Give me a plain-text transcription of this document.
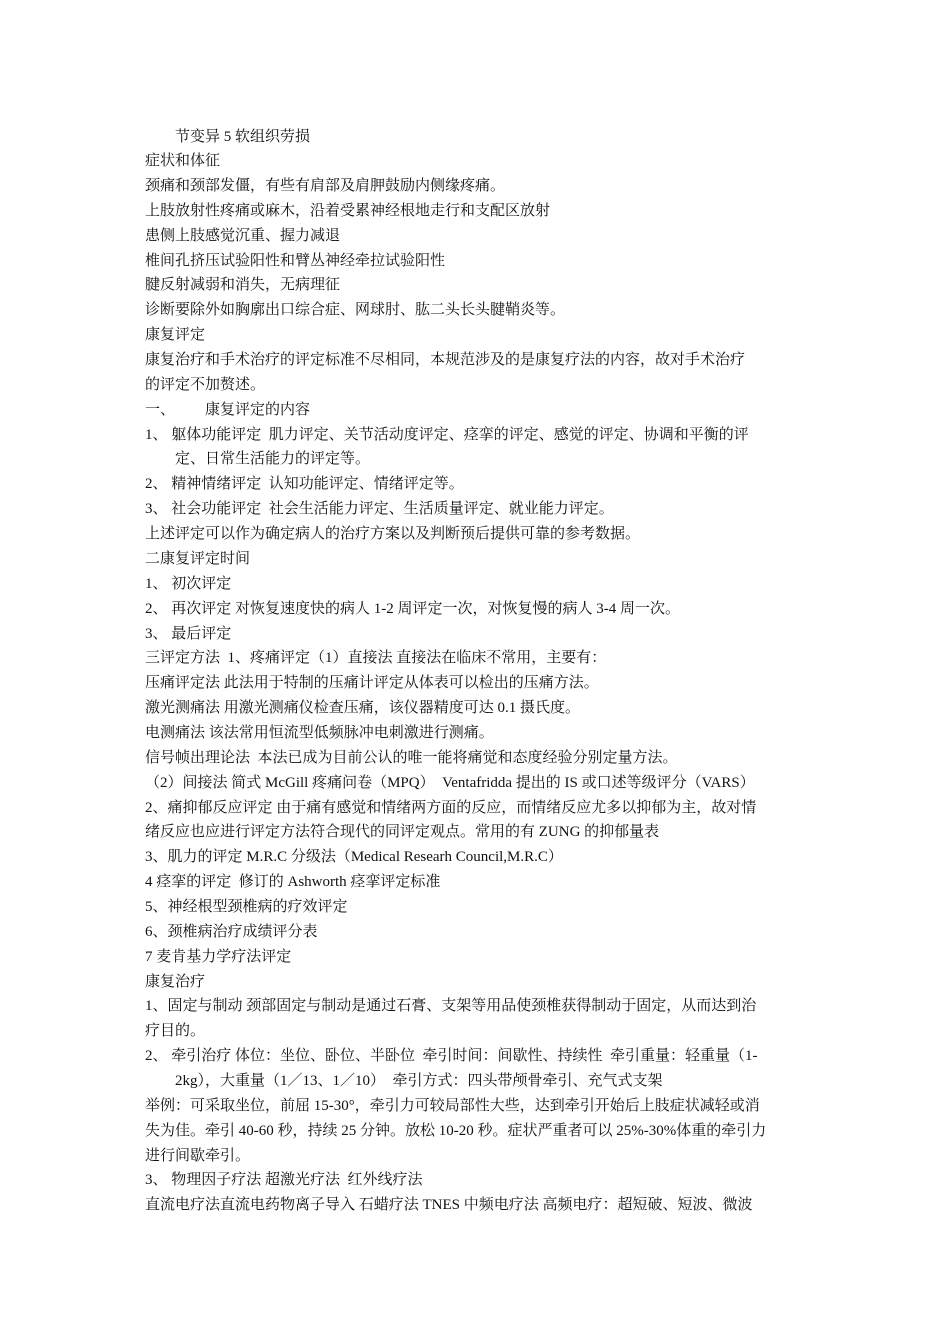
节变异 5 软组织劳损
症状和体征
颈痛和颈部发僵，有些有肩部及肩胛鼓励内侧缘疼痛。
上肢放射性疼痛或麻木，沿着受累神经根地走行和支配区放射
患侧上肢感觉沉重、握力减退
椎间孔挤压试验阳性和臂丛神经牵拉试验阳性
腱反射减弱和消失，无病理征
诊断要除外如胸廓出口综合症、网球肘、肱二头长头腱鞘炎等。
康复评定
康复治疗和手术治疗的评定标准不尽相同，本规范涉及的是康复疗法的内容，故对手术治疗
的评定不加赘述。
一、        康复评定的内容
1、 躯体功能评定  肌力评定、关节活动度评定、痉挛的评定、感觉的评定、协调和平衡的评
定、日常生活能力的评定等。
2、 精神情绪评定  认知功能评定、情绪评定等。
3、 社会功能评定  社会生活能力评定、生活质量评定、就业能力评定。
上述评定可以作为确定病人的治疗方案以及判断预后提供可靠的参考数据。
二康复评定时间
1、 初次评定
2、 再次评定 对恢复速度快的病人 1-2 周评定一次，对恢复慢的病人 3-4 周一次。
3、 最后评定
三评定方法  1、疼痛评定（1）直接法 直接法在临床不常用，主要有：
压痛评定法 此法用于特制的压痛计评定从体表可以检出的压痛方法。
激光测痛法 用激光测痛仪检查压痛，该仪器精度可达 0.1 摄氏度。
电测痛法 该法常用恒流型低频脉冲电刺激进行测痛。
信号帧出理论法  本法已成为目前公认的唯一能将痛觉和态度经验分别定量方法。
（2）间接法 简式 McGill 疼痛问卷（MPQ）  Ventafridda 提出的 IS 或口述等级评分（VARS）
2、痛抑郁反应评定 由于痛有感觉和情绪两方面的反应，而情绪反应尤多以抑郁为主，故对情
绪反应也应进行评定方法符合现代的同评定观点。常用的有 ZUNG 的抑郁量表
3、肌力的评定 M.R.C 分级法（Medical Researh Council,M.R.C）
4 痉挛的评定  修订的 Ashworth 痉挛评定标准
5、神经根型颈椎病的疗效评定
6、颈椎病治疗成绩评分表
7 麦肯基力学疗法评定
康复治疗
1、固定与制动 颈部固定与制动是通过石膏、支架等用品使颈椎获得制动于固定，从而达到治
疗目的。
2、 牵引治疗 体位：坐位、卧位、半卧位  牵引时间：间歇性、持续性  牵引重量：轻重量（1-
2kg），大重量（1／13、1／10）  牵引方式：四头带颅骨牵引、充气式支架
举例：可采取坐位，前屈 15-30°，牵引力可较局部性大些，达到牵引开始后上肢症状减轻或消
失为佳。牵引 40-60 秒，持续 25 分钟。放松 10-20 秒。症状严重者可以 25%-30%体重的牵引力
进行间歇牵引。
3、 物理因子疗法 超激光疗法  红外线疗法
直流电疗法直流电药物离子导入 石蜡疗法 TNES 中频电疗法 高频电疗：超短破、短波、微波
